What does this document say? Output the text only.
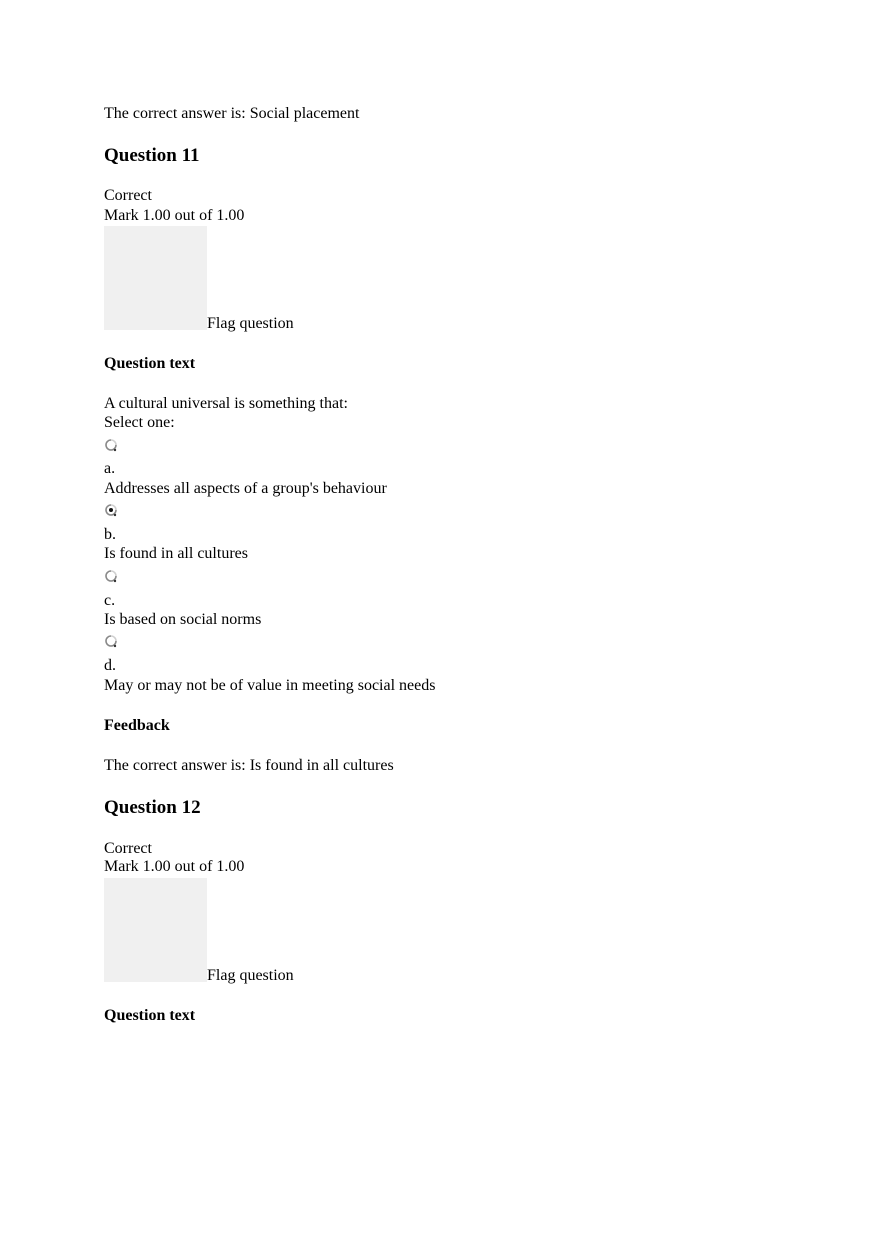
The correct answer is: Social placement
Question 11
Correct
Mark 1.00 out of 1.00
Flag question
Question text
A cultural universal is something that:
Select one:
a.
Addresses all aspects of a group's behaviour
b.
Is found in all cultures
c.
Is based on social norms
d.
May or may not be of value in meeting social needs
Feedback
The correct answer is: Is found in all cultures
Question 12
Correct
Mark 1.00 out of 1.00
Flag question
Question text
